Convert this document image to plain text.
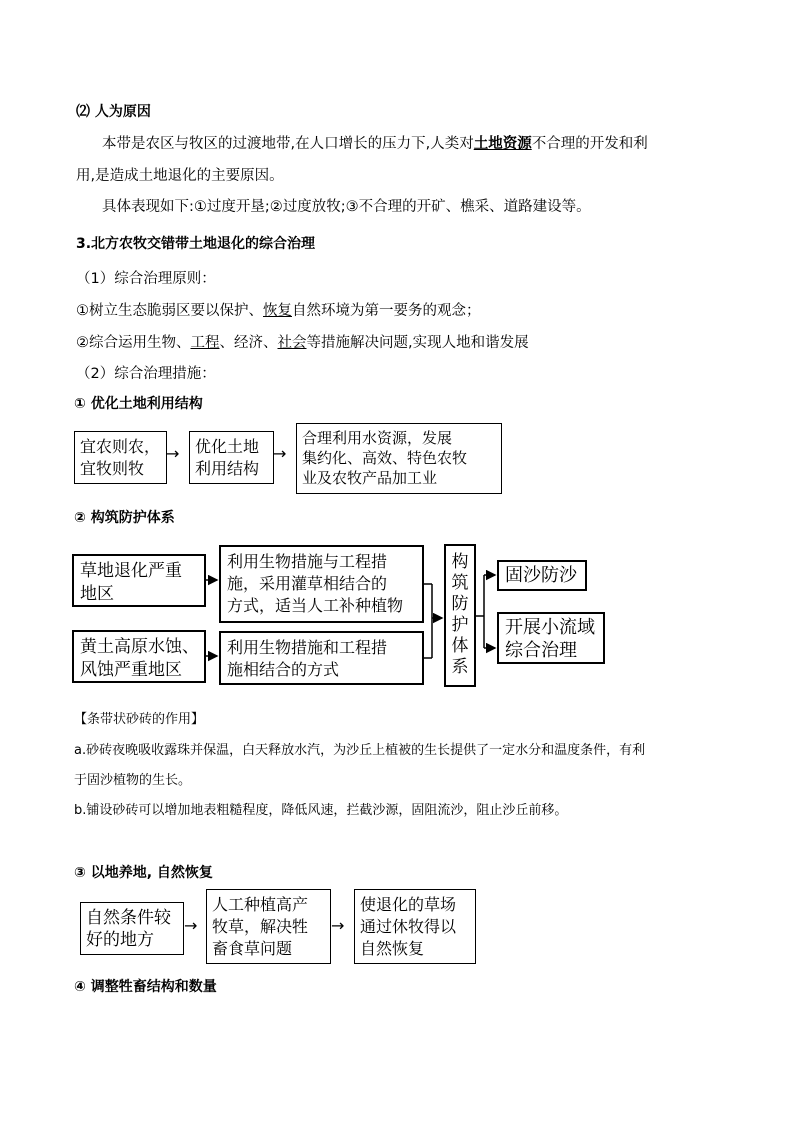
⑵ 人为原因
本带是农区与牧区的过渡地带,在人口增长的压力下,人类对土地资源不合理的开发和利
用,是造成土地退化的主要原因。
具体表现如下:①过度开垦;②过度放牧;③不合理的开矿、樵采、道路建设等。
3.北方农牧交错带土地退化的综合治理
（1）综合治理原则：
①树立生态脆弱区要以保护、恢复自然环境为第一要务的观念；
②综合运用生物、工程、经济、社会等措施解决问题,实现人地和谐发展
（2）综合治理措施：
① 优化土地利用结构
宜农则农，
宜牧则牧
→ 优化土地
利用结构
→
合理利用水资源，发展
集约化、高效、特色农牧
业及农牧产品加工业
② 构筑防护体系
草地退化严重
地区
黄土高原水蚀、
风蚀严重地区
利用生物措施与工程措
施，采用灌草相结合的
方式，适当人工补种植物
利用生物措施和工程措
施相结合的方式
构
筑
防
护
体
系
固沙防沙
开展小流域
综合治理
【条带状砂砖的作用】
a.砂砖夜晚吸收露珠并保温，白天释放水汽，为沙丘上植被的生长提供了一定水分和温度条件，有利
于固沙植物的生长。
b.铺设砂砖可以增加地表粗糙程度，降低风速，拦截沙源，固阻流沙，阻止沙丘前移。
③ 以地养地, 自然恢复
自然条件较
好的地方
→
人工种植高产
牧草，解决牲
畜食草问题
→
使退化的草场
通过休牧得以
自然恢复
④ 调整牲畜结构和数量
